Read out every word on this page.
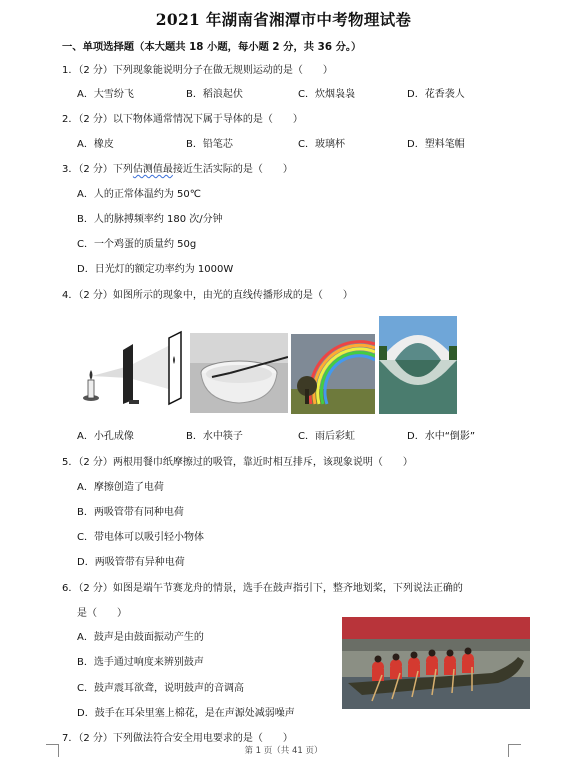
2021 年湖南省湘潭市中考物理试卷
一、单项选择题（本大题共 18 小题，每小题 2 分，共 36 分。）
1．（2 分）下列现象能说明分子在做无规则运动的是（　　）
A．大雪纷飞	B．稻浪起伏	C．炊烟袅袅	D．花香袭人
2．（2 分）以下物体通常情况下属于导体的是（　　）
A．橡皮	B．铅笔芯	C．玻璃杯	D．塑料笔帽
3．（2 分）下列估测值最接近生活实际的是（　　）
A．人的正常体温约为 50℃
B．人的脉搏频率约 180 次/分钟
C．一个鸡蛋的质量约 50g
D．日光灯的额定功率约为 1000W
4．（2 分）如图所示的现象中，由光的直线传播形成的是（　　）
A．小孔成像	B．水中筷子	C．雨后彩虹	D．水中“倒影”
5．（2 分）两根用餐巾纸摩擦过的吸管，靠近时相互排斥，该现象说明（　　）
A．摩擦创造了电荷
B．两吸管带有同种电荷
C．带电体可以吸引轻小物体
D．两吸管带有异种电荷
6．（2 分）如图是端午节赛龙舟的情景，选手在鼓声指引下，整齐地划桨，下列说法正确的
是（　　）
A．鼓声是由鼓面振动产生的
B．选手通过响度来辨别鼓声
C．鼓声震耳欲聋，说明鼓声的音调高
D．鼓手在耳朵里塞上棉花，是在声源处减弱噪声
7．（2 分）下列做法符合安全用电要求的是（　　）
第 1 页（共 41 页）
